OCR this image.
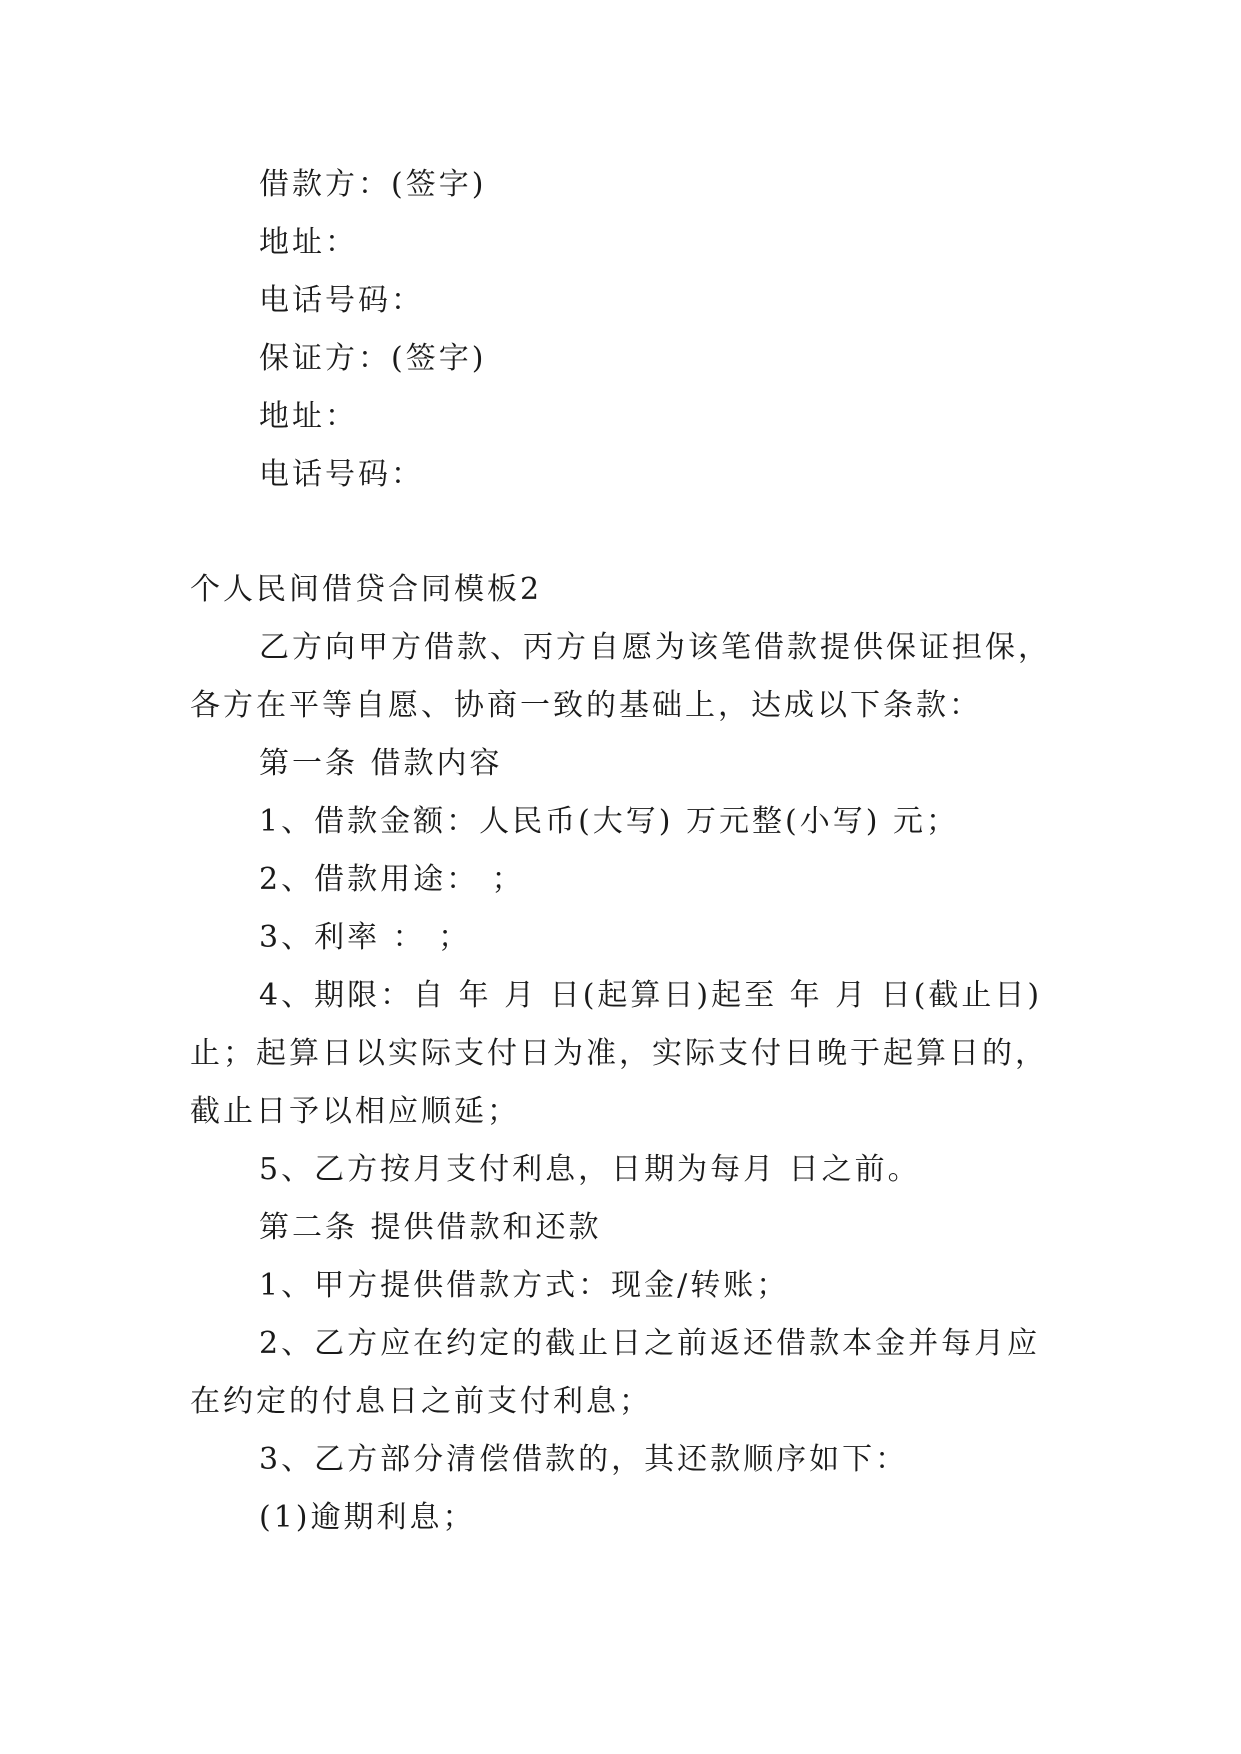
借款方：(签字)
地址：
电话号码：
保证方：(签字)
地址：
电话号码：
个人民间借贷合同模板2
乙方向甲方借款、丙方自愿为该笔借款提供保证担保，
各方在平等自愿、协商一致的基础上，达成以下条款：
第一条 借款内容
1、借款金额：人民币(大写) 万元整(小写) 元；
2、借款用途： ；
3、利率 ： ；
4、期限：自 年 月 日(起算日)起至 年 月 日(截止日)
止；起算日以实际支付日为准，实际支付日晚于起算日的，
截止日予以相应顺延；
5、乙方按月支付利息，日期为每月 日之前。
第二条 提供借款和还款
1、甲方提供借款方式：现金/转账；
2、乙方应在约定的截止日之前返还借款本金并每月应
在约定的付息日之前支付利息；
3、乙方部分清偿借款的，其还款顺序如下：
(1)逾期利息；
